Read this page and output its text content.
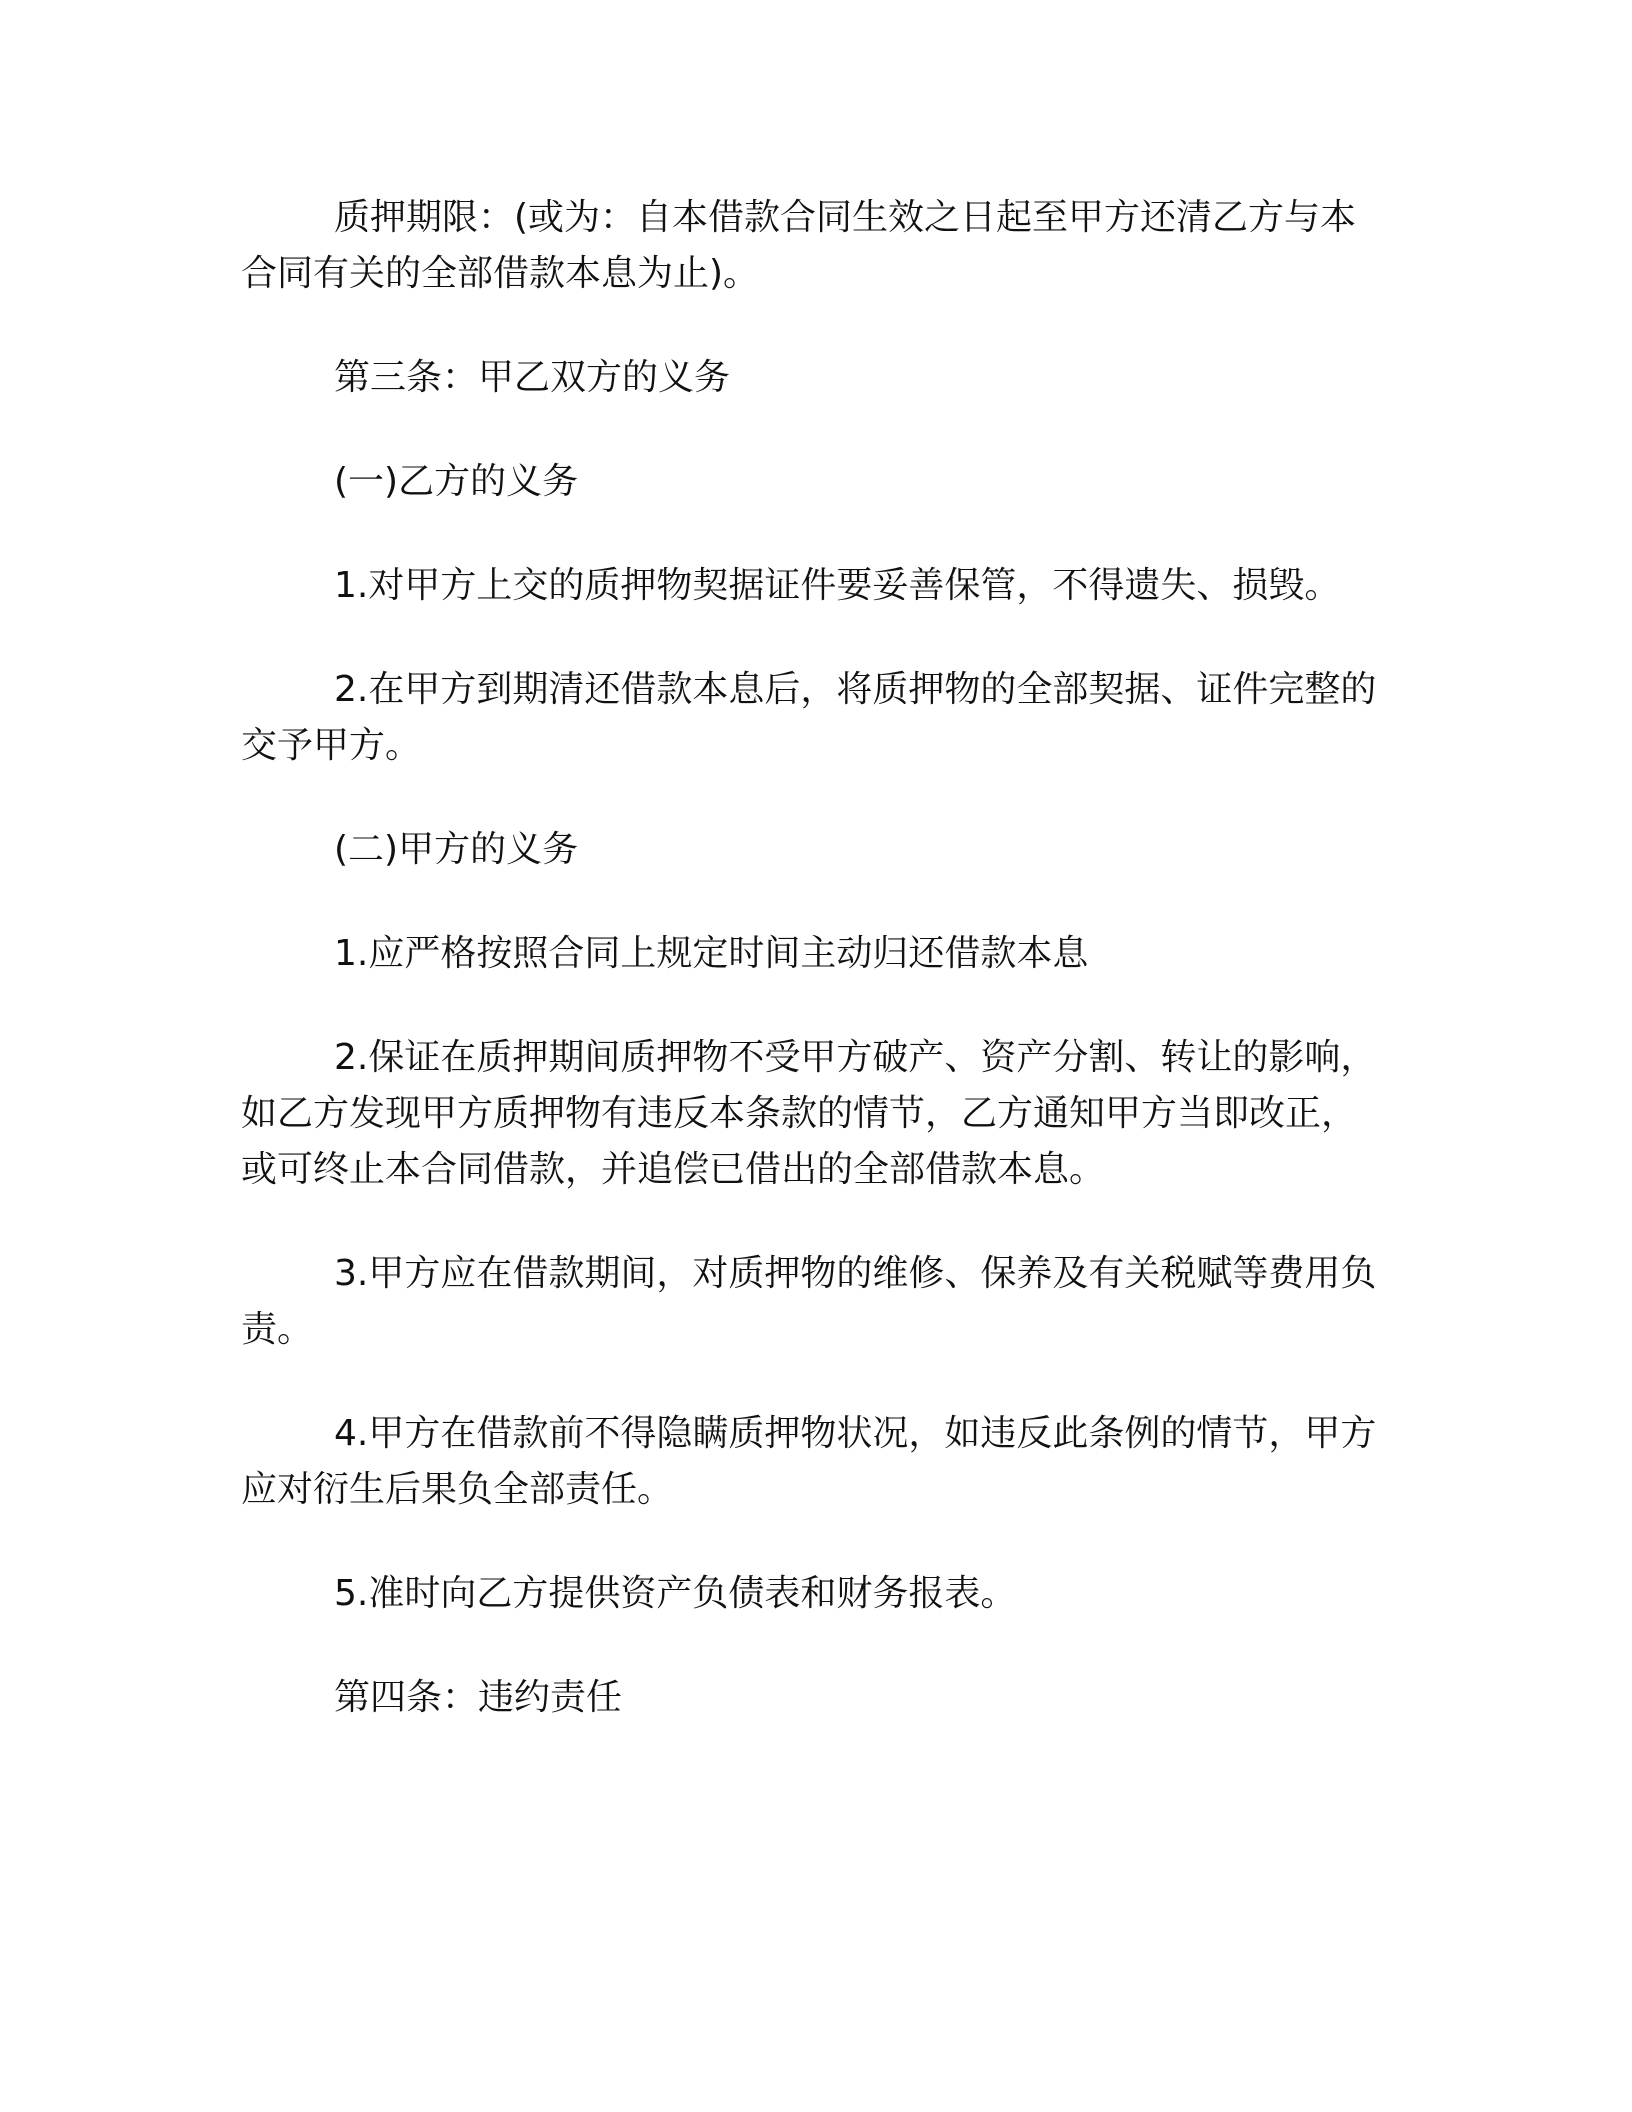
质押期限：(或为：自本借款合同生效之日起至甲方还清乙方与本合同有关的全部借款本息为止)。

第三条：甲乙双方的义务

(一)乙方的义务

1.对甲方上交的质押物契据证件要妥善保管，不得遗失、损毁。

2.在甲方到期清还借款本息后，将质押物的全部契据、证件完整的交予甲方。

(二)甲方的义务

1.应严格按照合同上规定时间主动归还借款本息

2.保证在质押期间质押物不受甲方破产、资产分割、转让的影响，如乙方发现甲方质押物有违反本条款的情节，乙方通知甲方当即改正，或可终止本合同借款，并追偿已借出的全部借款本息。

3.甲方应在借款期间，对质押物的维修、保养及有关税赋等费用负责。

4.甲方在借款前不得隐瞒质押物状况，如违反此条例的情节，甲方应对衍生后果负全部责任。

5.准时向乙方提供资产负债表和财务报表。

第四条：违约责任
